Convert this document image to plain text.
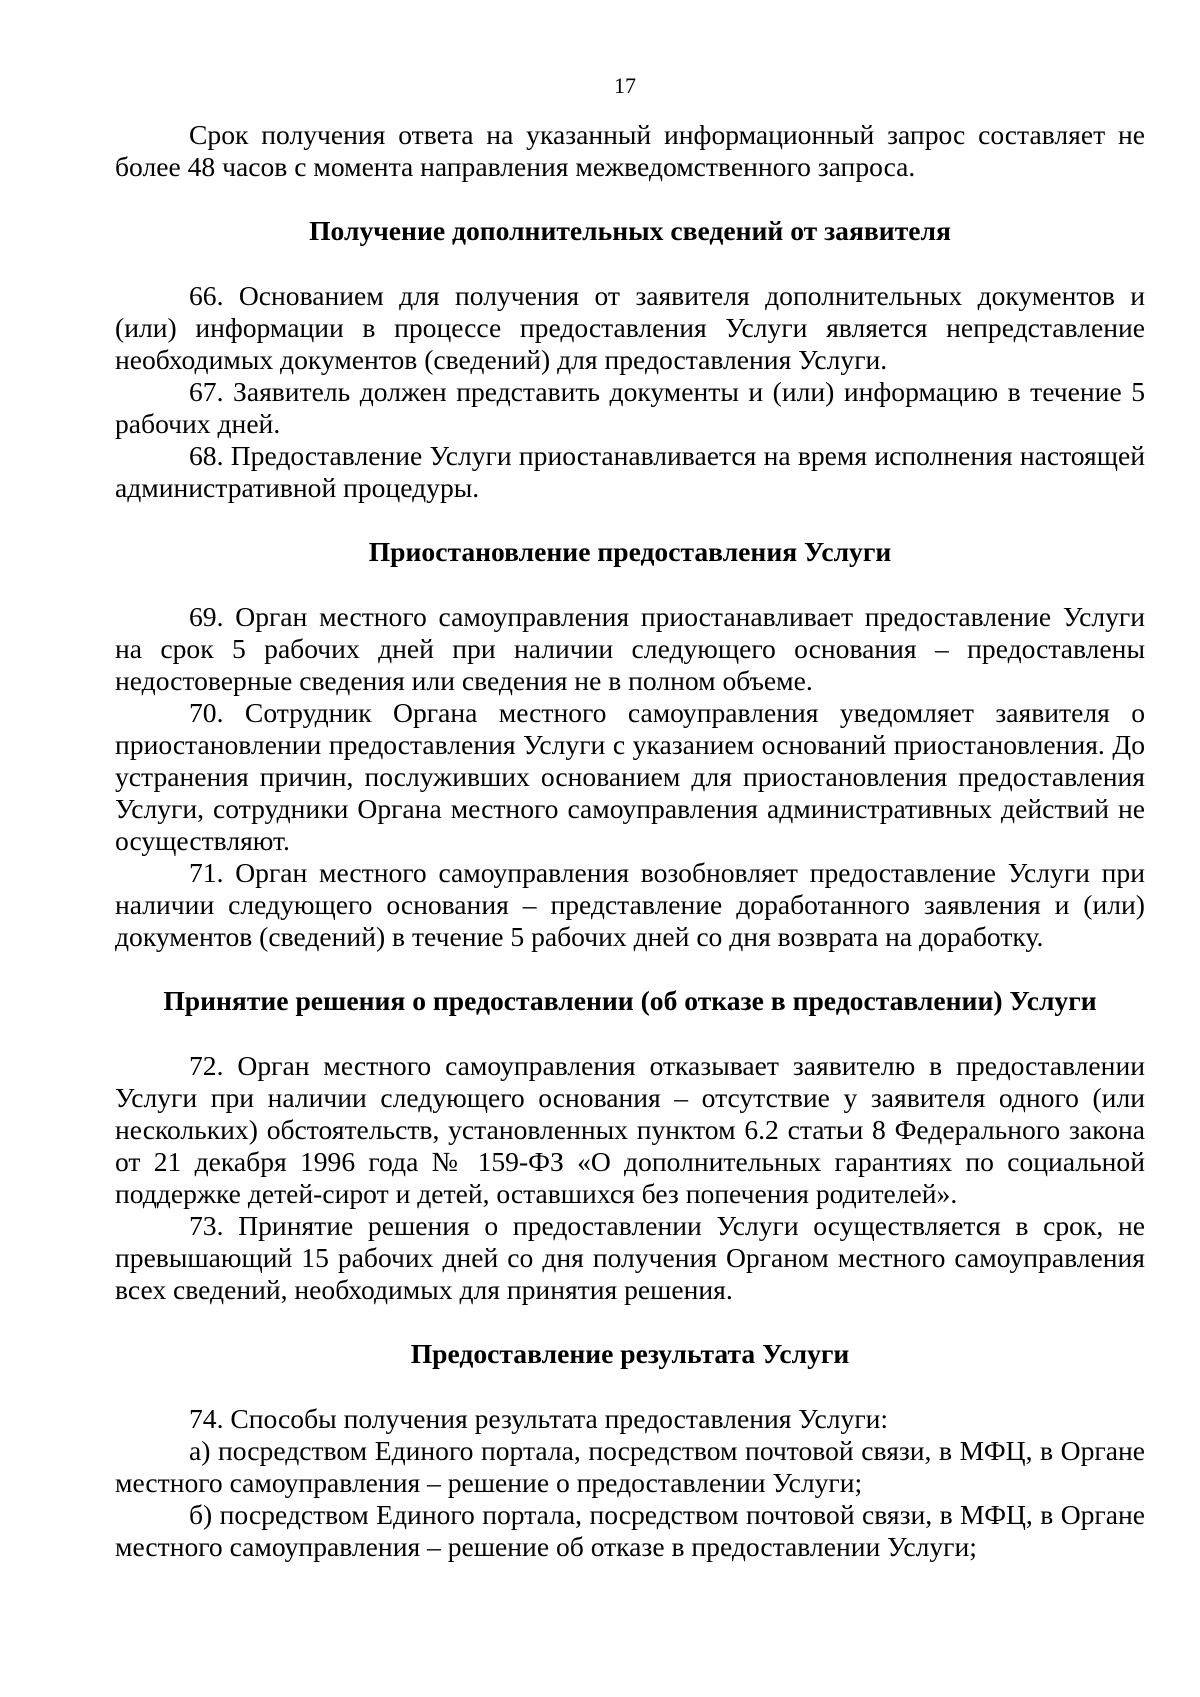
17

Срок получения ответа на указанный информационный запрос составляет не более 48 часов с момента направления межведомственного запроса.

Получение дополнительных сведений от заявителя

66. Основанием для получения от заявителя дополнительных документов и (или) информации в процессе предоставления Услуги является непредставление необходимых документов (сведений) для предоставления Услуги.

67. Заявитель должен представить документы и (или) информацию в течение 5 рабочих дней.

68. Предоставление Услуги приостанавливается на время исполнения настоящей административной процедуры.

Приостановление предоставления Услуги

69. Орган местного самоуправления приостанавливает предоставление Услуги на срок 5 рабочих дней при наличии следующего основания – предоставлены недостоверные сведения или сведения не в полном объеме.

70. Сотрудник Органа местного самоуправления уведомляет заявителя о приостановлении предоставления Услуги с указанием оснований приостановления. До устранения причин, послуживших основанием для приостановления предоставления Услуги, сотрудники Органа местного самоуправления административных действий не осуществляют.

71. Орган местного самоуправления возобновляет предоставление Услуги при наличии следующего основания – представление доработанного заявления и (или) документов (сведений) в течение 5 рабочих дней со дня возврата на доработку.

Принятие решения о предоставлении (об отказе в предоставлении) Услуги

72. Орган местного самоуправления отказывает заявителю в предоставлении Услуги при наличии следующего основания – отсутствие у заявителя одного (или нескольких) обстоятельств, установленных пунктом 6.2 статьи 8 Федерального закона от 21 декабря 1996 года № 159-ФЗ «О дополнительных гарантиях по социальной поддержке детей-сирот и детей, оставшихся без попечения родителей».

73. Принятие решения о предоставлении Услуги осуществляется в срок, не превышающий 15 рабочих дней со дня получения Органом местного самоуправления всех сведений, необходимых для принятия решения.

Предоставление результата Услуги

74. Способы получения результата предоставления Услуги:

а) посредством Единого портала, посредством почтовой связи, в МФЦ, в Органе местного самоуправления – решение о предоставлении Услуги;

б) посредством Единого портала, посредством почтовой связи, в МФЦ, в Органе местного самоуправления – решение об отказе в предоставлении Услуги;
